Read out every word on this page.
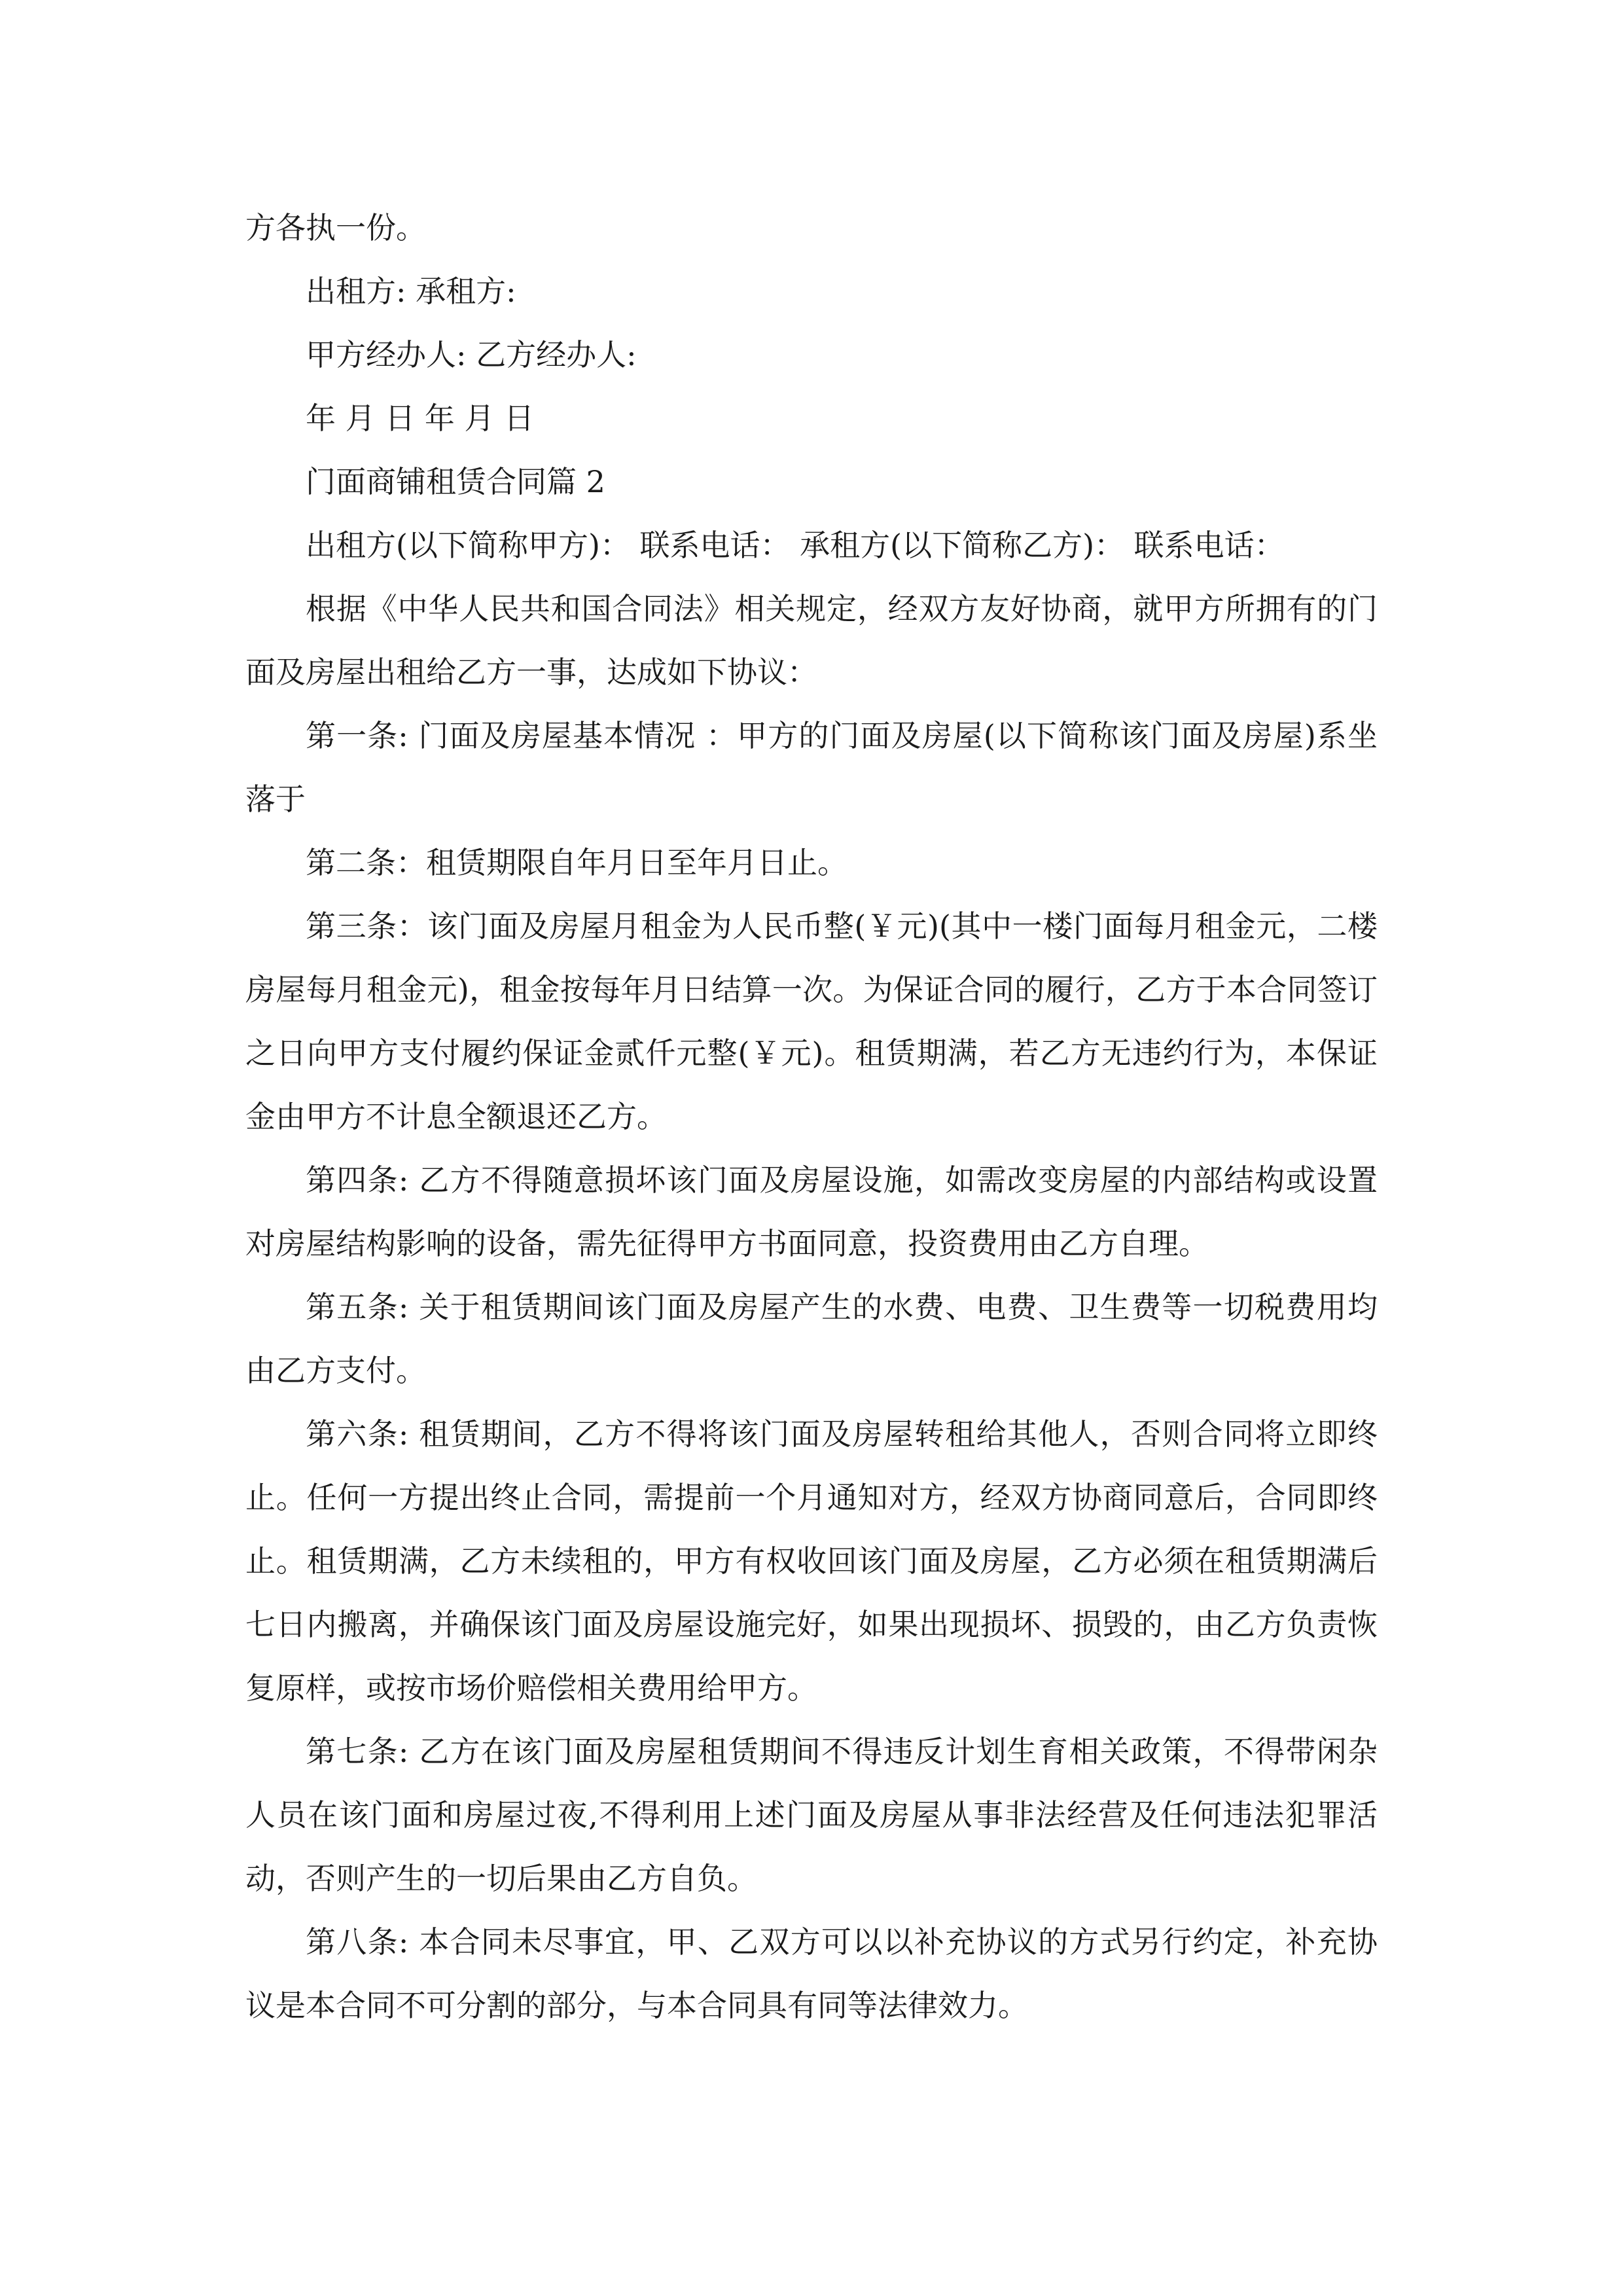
方各执一份。

出租方: 承租方:

甲方经办人: 乙方经办人:

年 月 日 年 月 日

门面商铺租赁合同篇 2

出租方(以下简称甲方)： 联系电话： 承租方(以下简称乙方)： 联系电话：

根据《中华人民共和国合同法》相关规定，经双方友好协商，就甲方所拥有的门面及房屋出租给乙方一事，达成如下协议：

第一条: 门面及房屋基本情况 ：甲方的门面及房屋(以下简称该门面及房屋)系坐落于

第二条：租赁期限自年月日至年月日止。

第三条：该门面及房屋月租金为人民币整(￥元)(其中一楼门面每月租金元，二楼房屋每月租金元)，租金按每年月日结算一次。为保证合同的履行，乙方于本合同签订之日向甲方支付履约保证金贰仟元整(￥元)。租赁期满，若乙方无违约行为，本保证金由甲方不计息全额退还乙方。

第四条: 乙方不得随意损坏该门面及房屋设施，如需改变房屋的内部结构或设置对房屋结构影响的设备，需先征得甲方书面同意，投资费用由乙方自理。

第五条: 关于租赁期间该门面及房屋产生的水费、电费、卫生费等一切税费用均由乙方支付。

第六条: 租赁期间，乙方不得将该门面及房屋转租给其他人，否则合同将立即终止。任何一方提出终止合同，需提前一个月通知对方，经双方协商同意后，合同即终止。租赁期满，乙方未续租的，甲方有权收回该门面及房屋，乙方必须在租赁期满后七日内搬离，并确保该门面及房屋设施完好，如果出现损坏、损毁的，由乙方负责恢复原样，或按市场价赔偿相关费用给甲方。

第七条: 乙方在该门面及房屋租赁期间不得违反计划生育相关政策，不得带闲杂人员在该门面和房屋过夜,不得利用上述门面及房屋从事非法经营及任何违法犯罪活动，否则产生的一切后果由乙方自负。

第八条: 本合同未尽事宜，甲、乙双方可以以补充协议的方式另行约定，补充协议是本合同不可分割的部分，与本合同具有同等法律效力。
